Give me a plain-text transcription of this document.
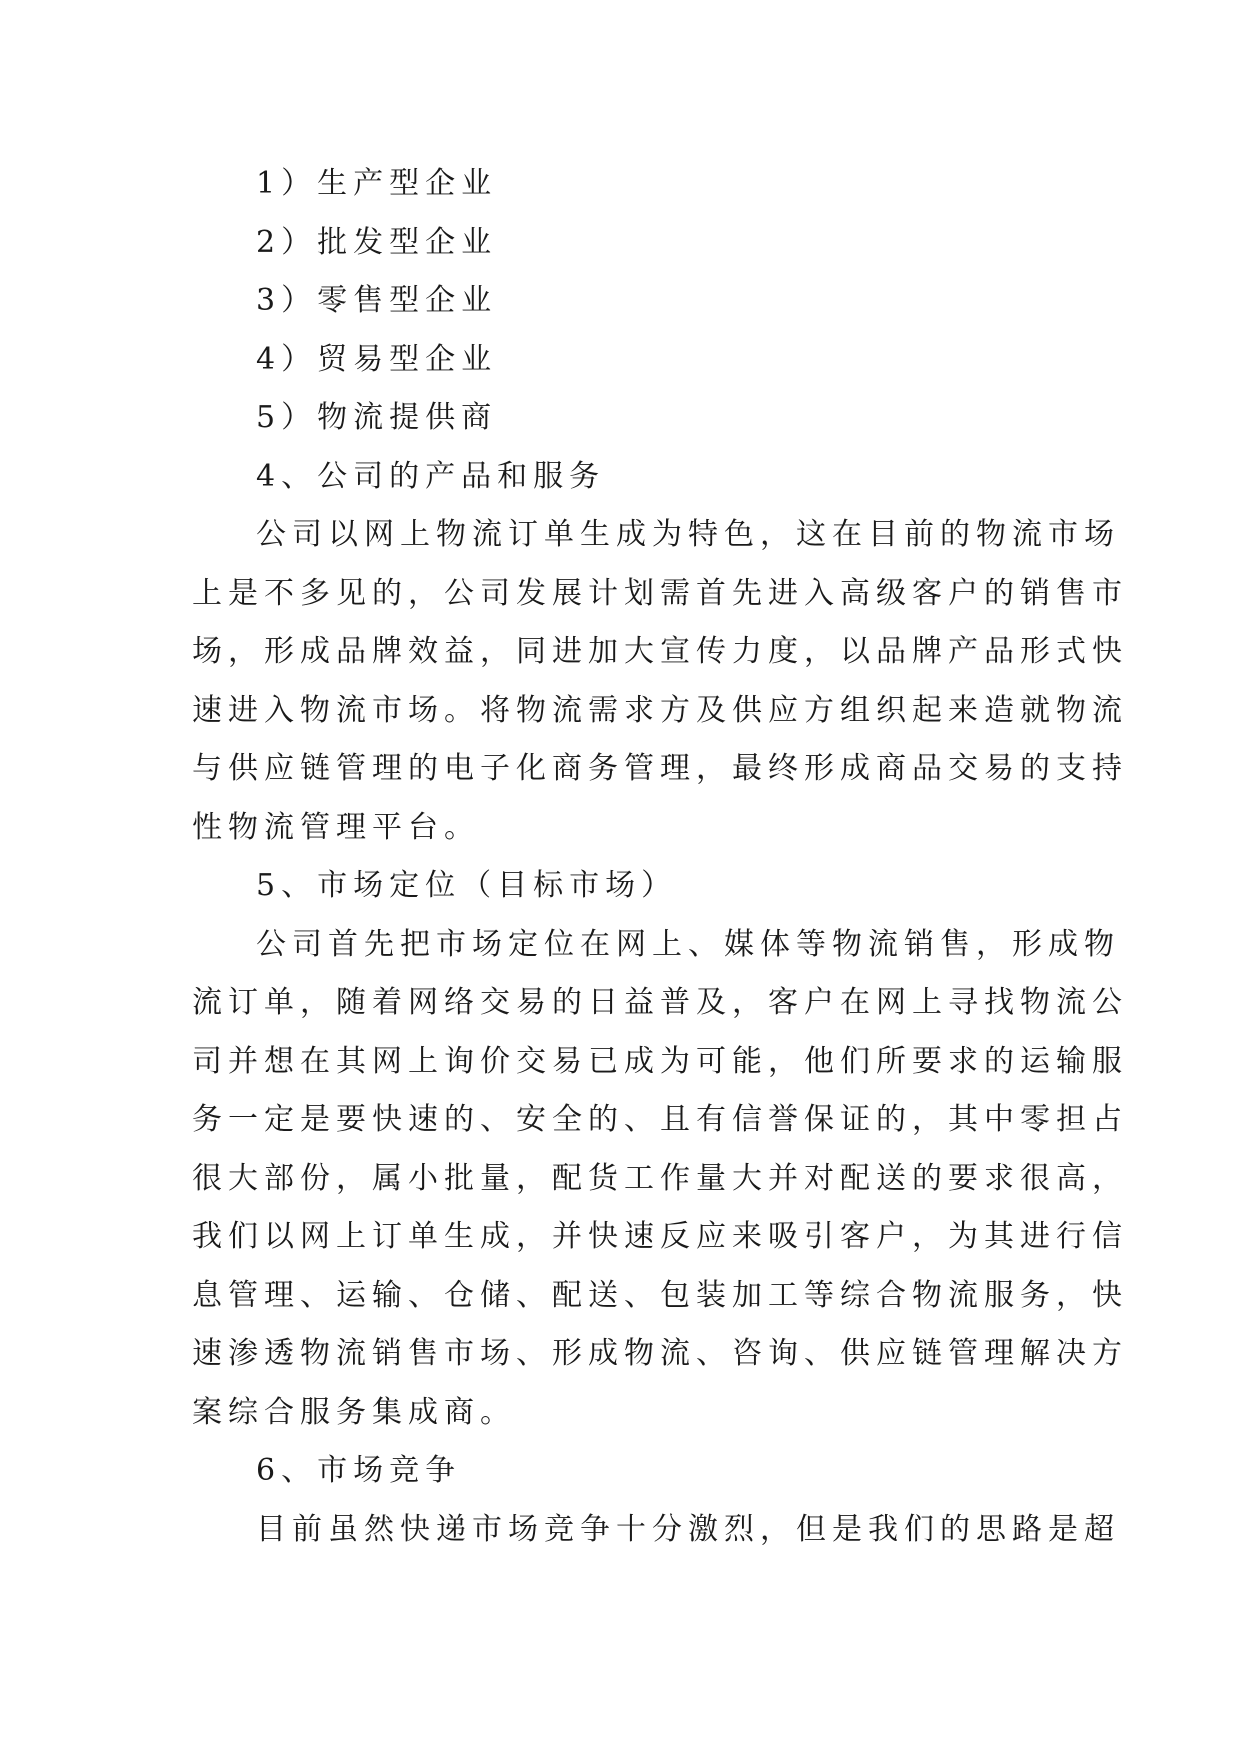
1）生产型企业

2）批发型企业

3）零售型企业

4）贸易型企业

5）物流提供商

4、公司的产品和服务

公司以网上物流订单生成为特色，这在目前的物流市场

上是不多见的，公司发展计划需首先进入高级客户的销售市

场，形成品牌效益，同进加大宣传力度，以品牌产品形式快

速进入物流市场。将物流需求方及供应方组织起来造就物流

与供应链管理的电子化商务管理，最终形成商品交易的支持

性物流管理平台。

5、市场定位（目标市场）

公司首先把市场定位在网上、媒体等物流销售，形成物

流订单，随着网络交易的日益普及，客户在网上寻找物流公

司并想在其网上询价交易已成为可能，他们所要求的运输服

务一定是要快速的、安全的、且有信誉保证的，其中零担占

很大部份，属小批量，配货工作量大并对配送的要求很高，

我们以网上订单生成，并快速反应来吸引客户，为其进行信

息管理、运输、仓储、配送、包装加工等综合物流服务，快

速渗透物流销售市场、形成物流、咨询、供应链管理解决方

案综合服务集成商。

6、市场竞争

目前虽然快递市场竞争十分激烈，但是我们的思路是超
